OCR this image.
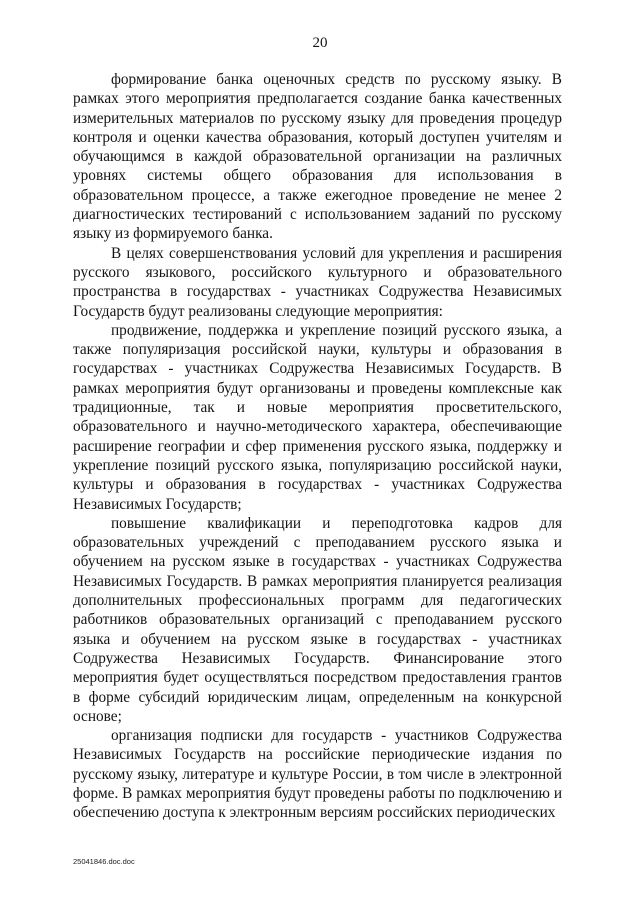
20

формирование банка оценочных средств по русскому языку. В рамках этого мероприятия предполагается создание банка качественных измерительных материалов по русскому языку для проведения процедур контроля и оценки качества образования, который доступен учителям и обучающимся в каждой образовательной организации на различных уровнях системы общего образования для использования в образовательном процессе, а также ежегодное проведение не менее 2 диагностических тестирований с использованием заданий по русскому языку из формируемого банка.

В целях совершенствования условий для укрепления и расширения русского языкового, российского культурного и образовательного пространства в государствах - участниках Содружества Независимых Государств будут реализованы следующие мероприятия:

продвижение, поддержка и укрепление позиций русского языка, а также популяризация российской науки, культуры и образования в государствах - участниках Содружества Независимых Государств. В рамках мероприятия будут организованы и проведены комплексные как традиционные, так и новые мероприятия просветительского, образовательного и научно-методического характера, обеспечивающие расширение географии и сфер применения русского языка, поддержку и укрепление позиций русского языка, популяризацию российской науки, культуры и образования в государствах - участниках Содружества Независимых Государств;

повышение квалификации и переподготовка кадров для образовательных учреждений с преподаванием русского языка и обучением на русском языке в государствах - участниках Содружества Независимых Государств. В рамках мероприятия планируется реализация дополнительных профессиональных программ для педагогических работников образовательных организаций с преподаванием русского языка и обучением на русском языке в государствах - участниках Содружества Независимых Государств. Финансирование этого мероприятия будет осуществляться посредством предоставления грантов в форме субсидий юридическим лицам, определенным на конкурсной основе;

организация подписки для государств - участников Содружества Независимых Государств на российские периодические издания по русскому языку, литературе и культуре России, в том числе в электронной форме. В рамках мероприятия будут проведены работы по подключению и обеспечению доступа к электронным версиям российских периодических

25041846.doc.doc
